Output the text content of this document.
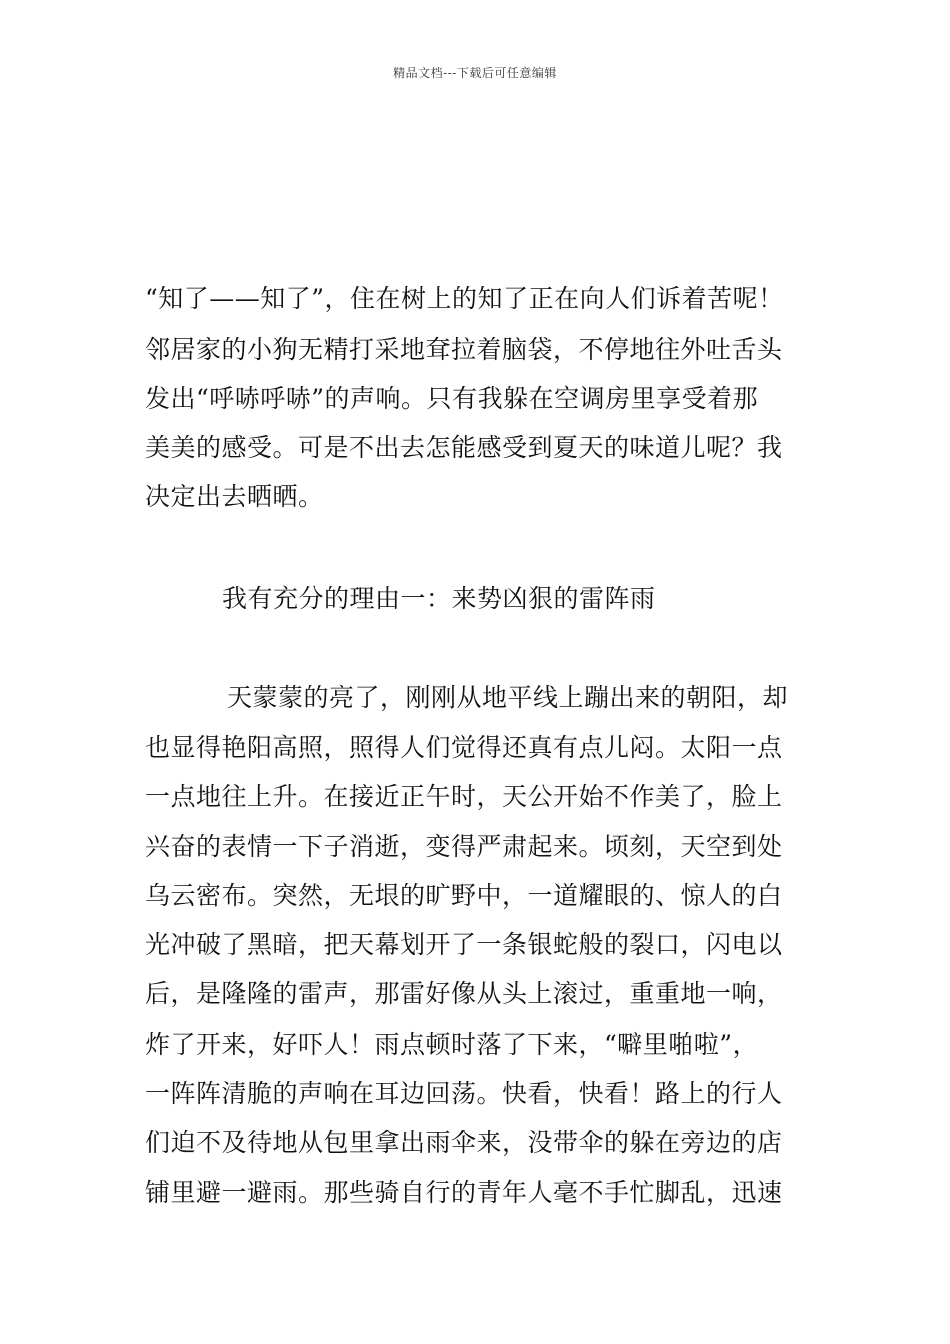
精品文档---下载后可任意编辑
“知了——知了”，住在树上的知了正在向人们诉着苦呢！
邻居家的小狗无精打采地耷拉着脑袋，不停地往外吐舌头
发出“呼哧呼哧”的声响。只有我躲在空调房里享受着那
美美的感受。可是不出去怎能感受到夏天的味道儿呢？我
决定出去晒晒。
我有充分的理由一：来势凶狠的雷阵雨
天蒙蒙的亮了，刚刚从地平线上蹦出来的朝阳，却
也显得艳阳高照，照得人们觉得还真有点儿闷。太阳一点
一点地往上升。在接近正午时，天公开始不作美了，脸上
兴奋的表情一下子消逝，变得严肃起来。顷刻，天空到处
乌云密布。突然，无垠的旷野中，一道耀眼的、惊人的白
光冲破了黑暗，把天幕划开了一条银蛇般的裂口，闪电以
后，是隆隆的雷声，那雷好像从头上滚过，重重地一响，
炸了开来，好吓人！雨点顿时落了下来，“噼里啪啦”，
一阵阵清脆的声响在耳边回荡。快看，快看！路上的行人
们迫不及待地从包里拿出雨伞来，没带伞的躲在旁边的店
铺里避一避雨。那些骑自行的青年人毫不手忙脚乱，迅速
